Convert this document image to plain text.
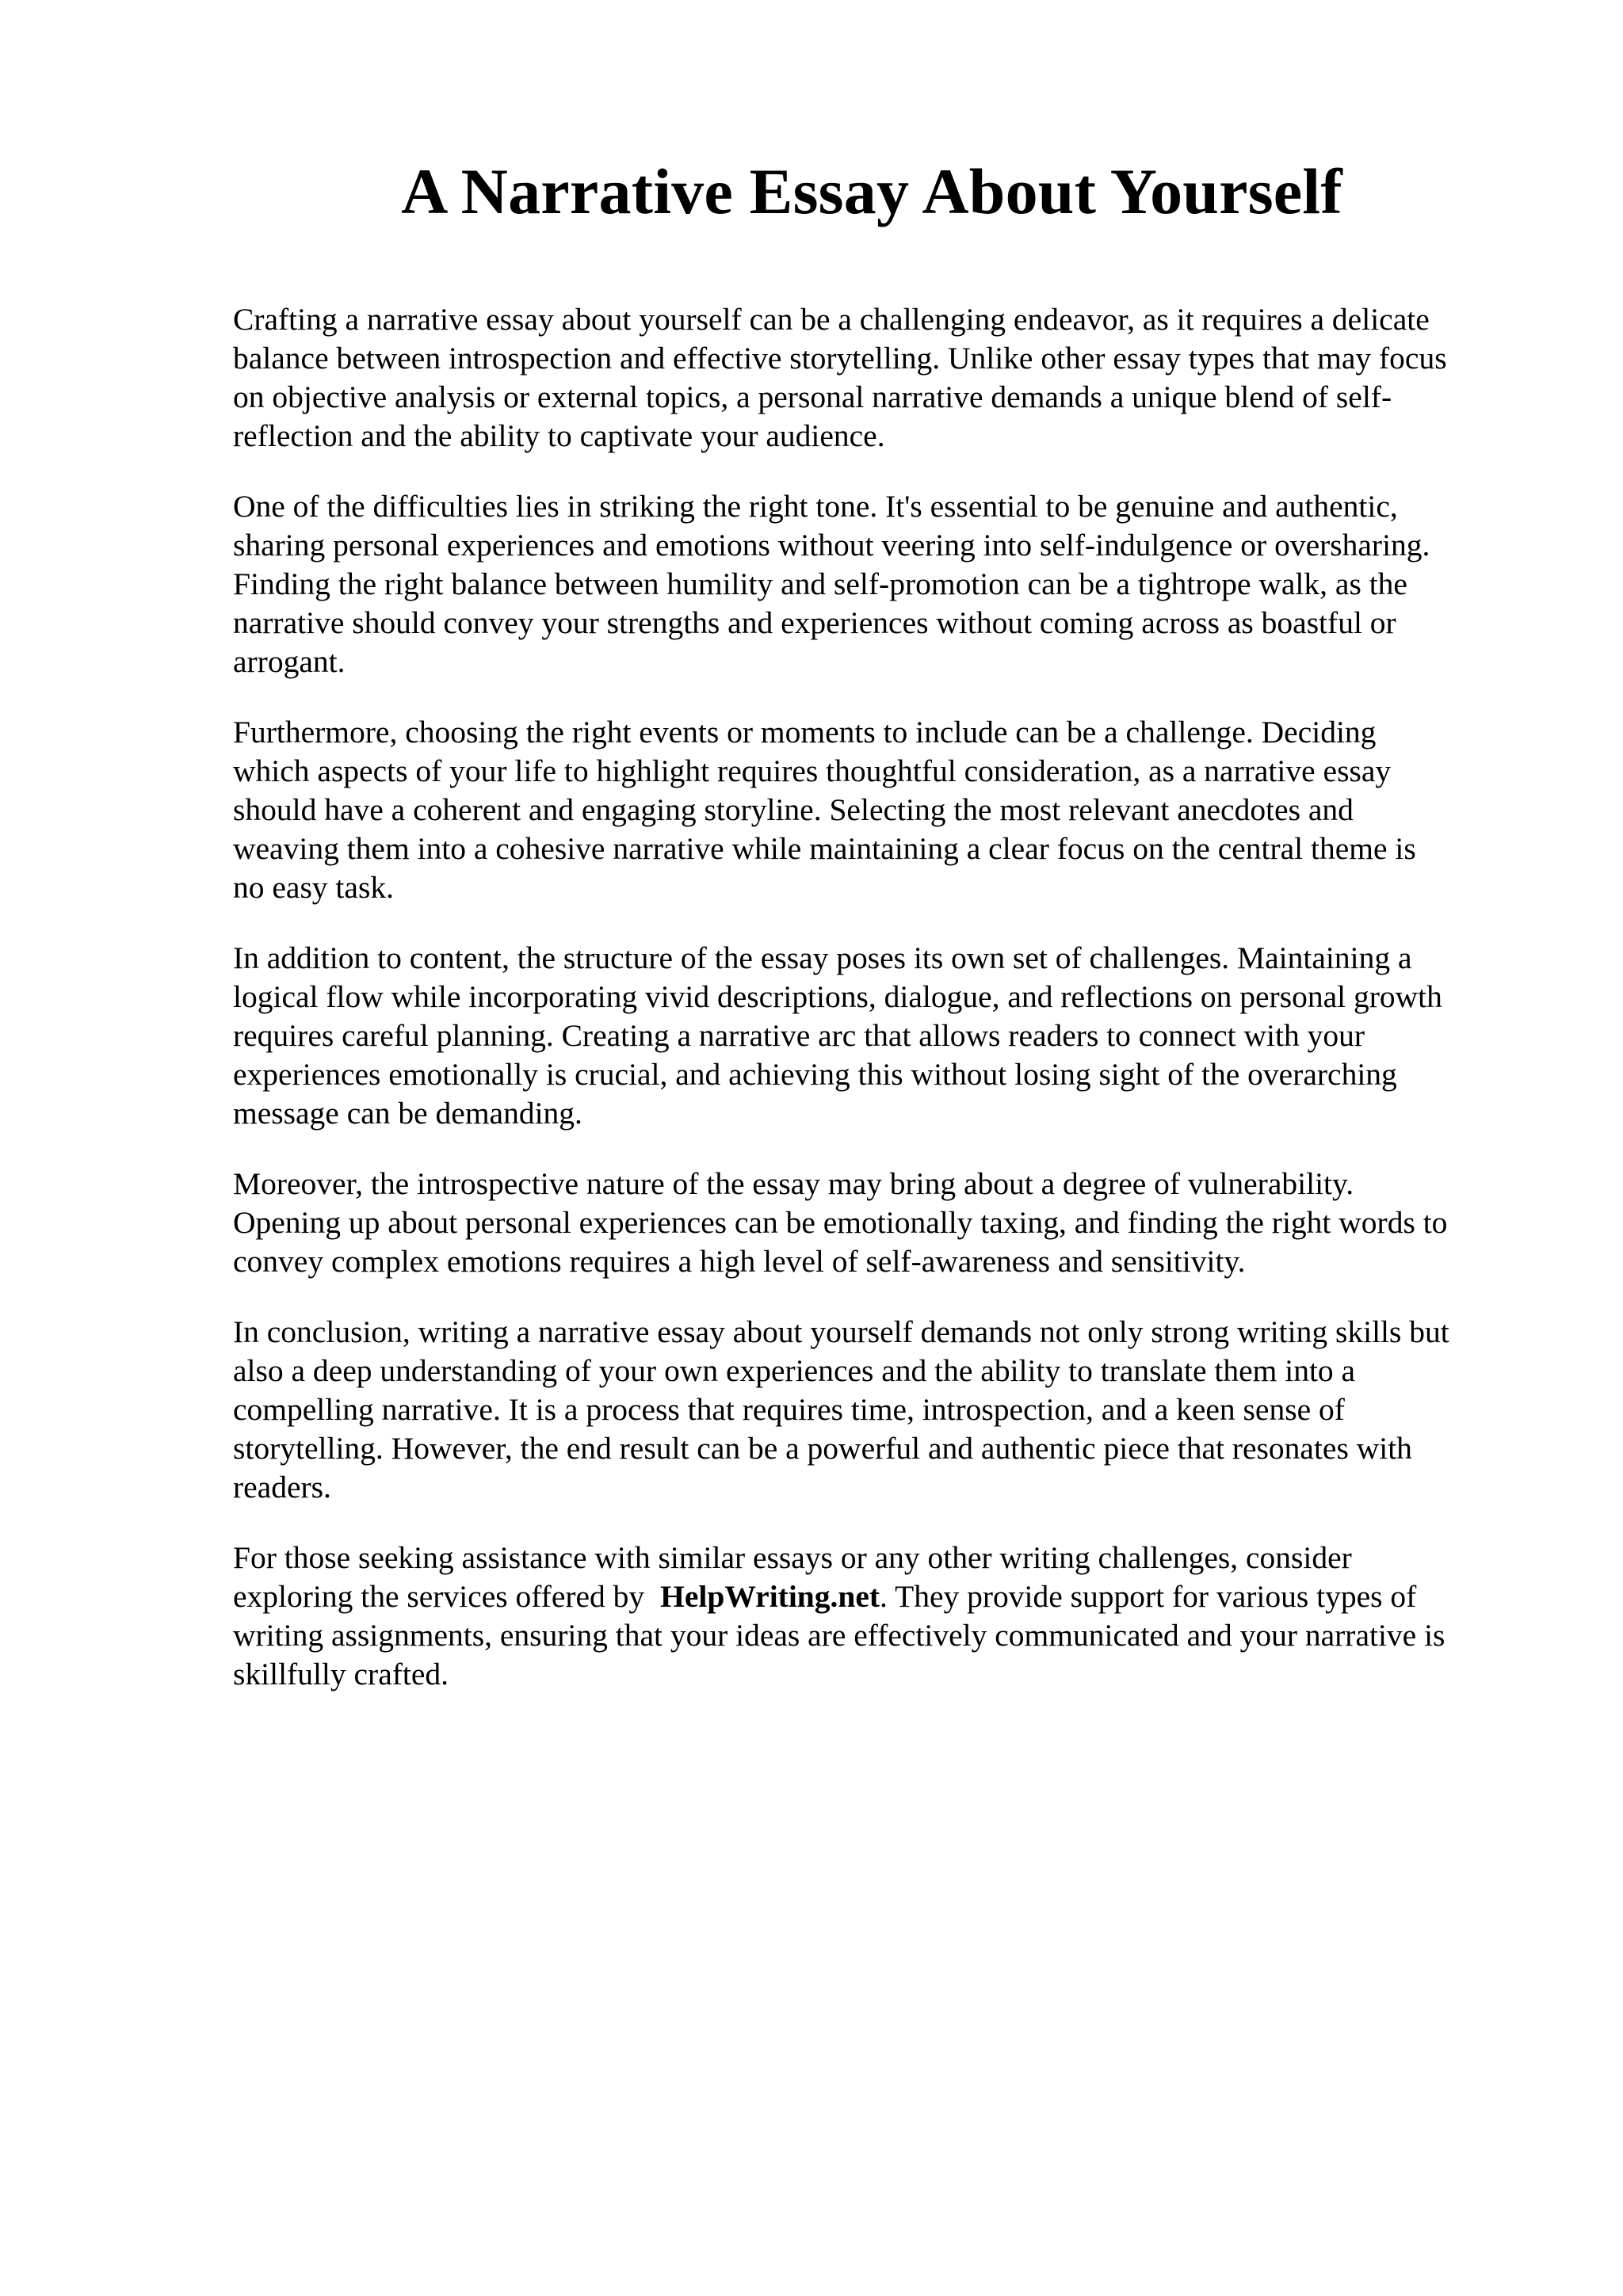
A Narrative Essay About Yourself

Crafting a narrative essay about yourself can be a challenging endeavor, as it requires a delicate
balance between introspection and effective storytelling. Unlike other essay types that may focus
on objective analysis or external topics, a personal narrative demands a unique blend of self-
reflection and the ability to captivate your audience.

One of the difficulties lies in striking the right tone. It's essential to be genuine and authentic,
sharing personal experiences and emotions without veering into self-indulgence or oversharing.
Finding the right balance between humility and self-promotion can be a tightrope walk, as the
narrative should convey your strengths and experiences without coming across as boastful or
arrogant.

Furthermore, choosing the right events or moments to include can be a challenge. Deciding
which aspects of your life to highlight requires thoughtful consideration, as a narrative essay
should have a coherent and engaging storyline. Selecting the most relevant anecdotes and
weaving them into a cohesive narrative while maintaining a clear focus on the central theme is
no easy task.

In addition to content, the structure of the essay poses its own set of challenges. Maintaining a
logical flow while incorporating vivid descriptions, dialogue, and reflections on personal growth
requires careful planning. Creating a narrative arc that allows readers to connect with your
experiences emotionally is crucial, and achieving this without losing sight of the overarching
message can be demanding.

Moreover, the introspective nature of the essay may bring about a degree of vulnerability.
Opening up about personal experiences can be emotionally taxing, and finding the right words to
convey complex emotions requires a high level of self-awareness and sensitivity.

In conclusion, writing a narrative essay about yourself demands not only strong writing skills but
also a deep understanding of your own experiences and the ability to translate them into a
compelling narrative. It is a process that requires time, introspection, and a keen sense of
storytelling. However, the end result can be a powerful and authentic piece that resonates with
readers.

For those seeking assistance with similar essays or any other writing challenges, consider
exploring the services offered by HelpWriting.net. They provide support for various types of
writing assignments, ensuring that your ideas are effectively communicated and your narrative is
skillfully crafted.
